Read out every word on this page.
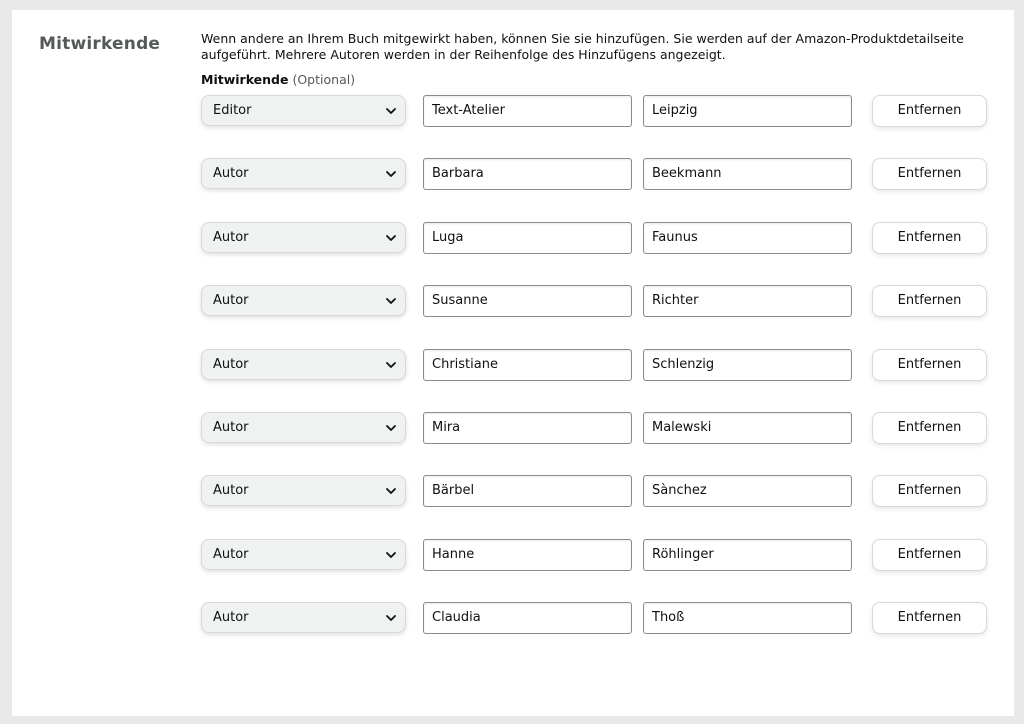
Mitwirkende	Wenn andere an Ihrem Buch mitgewirkt haben, können Sie sie hinzufügen. Sie werden auf der Amazon-Produktdetailseite aufgeführt. Mehrere Autoren werden in der Reihenfolge des Hinzufügens angezeigt.
Mitwirkende (Optional)
Editor	Text-Atelier	Leipzig	Entfernen
Autor	Barbara	Beekmann	Entfernen
Autor	Luga	Faunus	Entfernen
Autor	Susanne	Richter	Entfernen
Autor	Christiane	Schlenzig	Entfernen
Autor	Mira	Malewski	Entfernen
Autor	Bärbel	Sànchez	Entfernen
Autor	Hanne	Röhlinger	Entfernen
Autor	Claudia	Thoß	Entfernen
